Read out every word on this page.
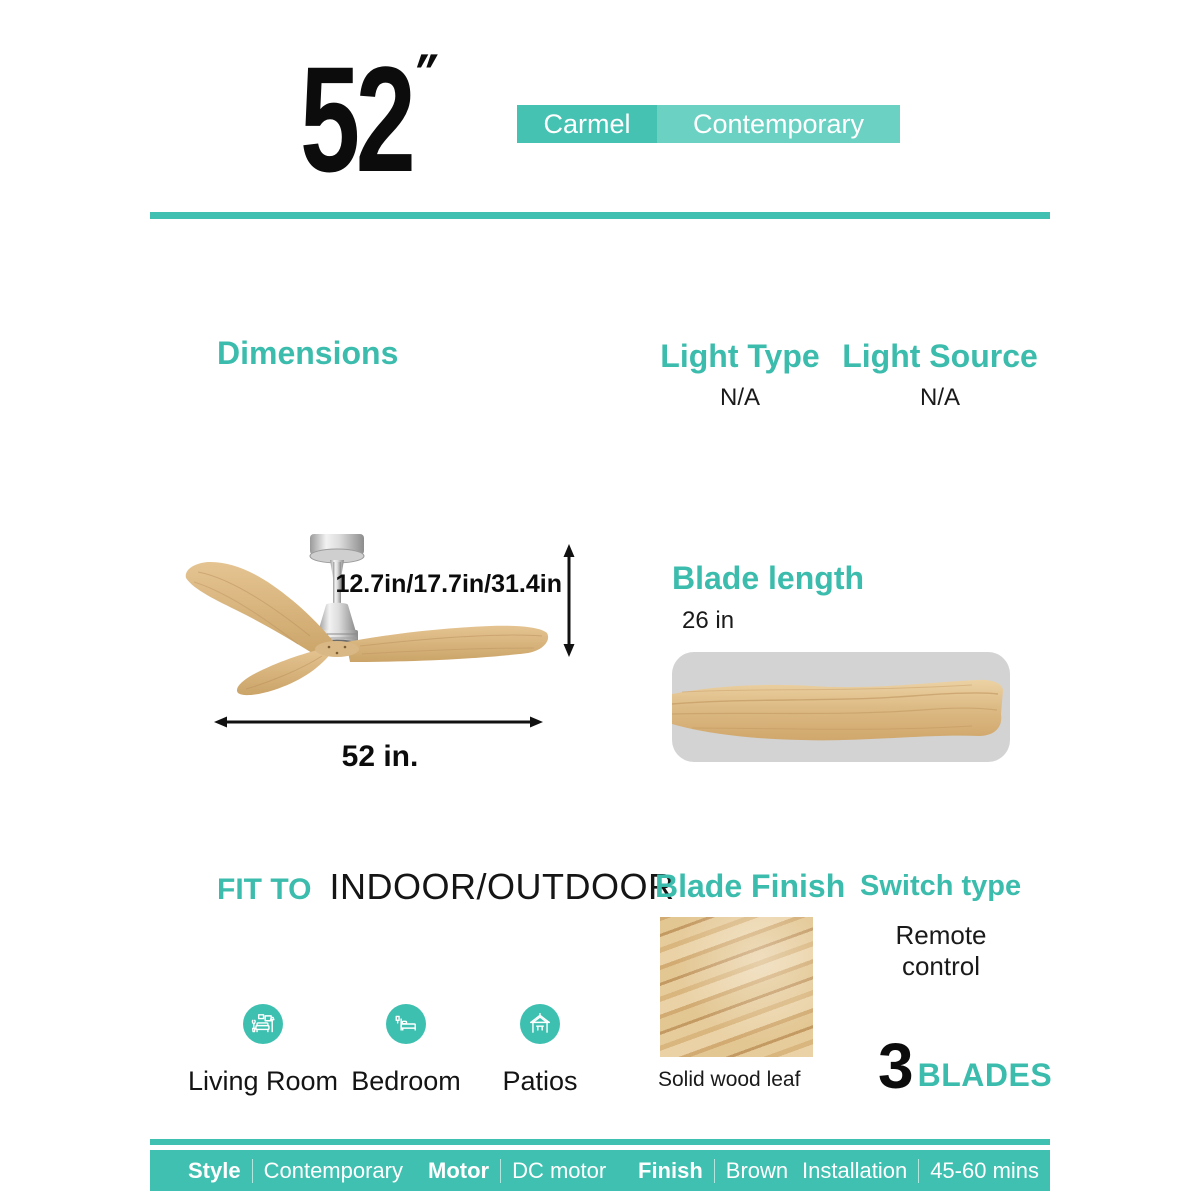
52″	Carmel	Contemporary
Dimensions	Light Type
N/A
Light Source
N/A
12.7in/17.7in/31.4in
52 in.
Blade length
26 in
FIT TO INDOOR/OUTDOOR
Living Room Bedroom Patios
Blade Finish
Solid wood leaf
Switch type
Remote control
3 BLADES
Style Contemporary Motor DC motor Finish Brown Installation 45-60 mins
